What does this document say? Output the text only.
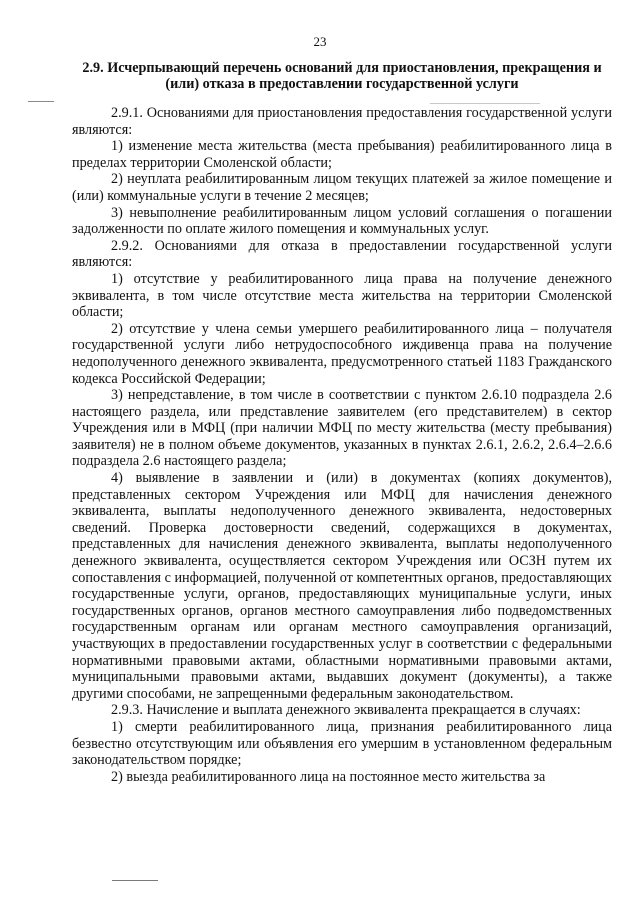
23
2.9. Исчерпывающий перечень оснований для приостановления, прекращения и (или) отказа в предоставлении государственной услуги

2.9.1. Основаниями для приостановления предоставления государственной услуги являются:

1) изменение места жительства (места пребывания) реабилитированного лица в пределах территории Смоленской области;

2) неуплата реабилитированным лицом текущих платежей за жилое помещение и (или) коммунальные услуги в течение 2 месяцев;

3) невыполнение реабилитированным лицом условий соглашения о погашении задолженности по оплате жилого помещения и коммунальных услуг.

2.9.2. Основаниями для отказа в предоставлении государственной услуги являются:

1) отсутствие у реабилитированного лица права на получение денежного эквивалента, в том числе отсутствие места жительства на территории Смоленской области;

2) отсутствие у члена семьи умершего реабилитированного лица – получателя государственной услуги либо нетрудоспособного иждивенца права на получение недополученного денежного эквивалента, предусмотренного статьей 1183 Гражданского кодекса Российской Федерации;

3) непредставление, в том числе в соответствии с пунктом 2.6.10 подраздела 2.6 настоящего раздела, или представление заявителем (его представителем) в сектор Учреждения или в МФЦ (при наличии МФЦ по месту жительства (месту пребывания) заявителя) не в полном объеме документов, указанных в пунктах 2.6.1, 2.6.2, 2.6.4–2.6.6 подраздела 2.6 настоящего раздела;

4) выявление в заявлении и (или) в документах (копиях документов), представленных сектором Учреждения или МФЦ для начисления денежного эквивалента, выплаты недополученного денежного эквивалента, недостоверных сведений. Проверка достоверности сведений, содержащихся в документах, представленных для начисления денежного эквивалента, выплаты недополученного денежного эквивалента, осуществляется сектором Учреждения или ОСЗН путем их сопоставления с информацией, полученной от компетентных органов, предоставляющих государственные услуги, органов, предоставляющих муниципальные услуги, иных государственных органов, органов местного самоуправления либо подведомственных государственным органам или органам местного самоуправления организаций, участвующих в предоставлении государственных услуг в соответствии с федеральными нормативными правовыми актами, областными нормативными правовыми актами, муниципальными правовыми актами, выдавших документ (документы), а также другими способами, не запрещенными федеральным законодательством.

2.9.3. Начисление и выплата денежного эквивалента прекращается в случаях:

1) смерти реабилитированного лица, признания реабилитированного лица безвестно отсутствующим или объявления его умершим в установленном федеральным законодательством порядке;

2) выезда реабилитированного лица на постоянное место жительства за
